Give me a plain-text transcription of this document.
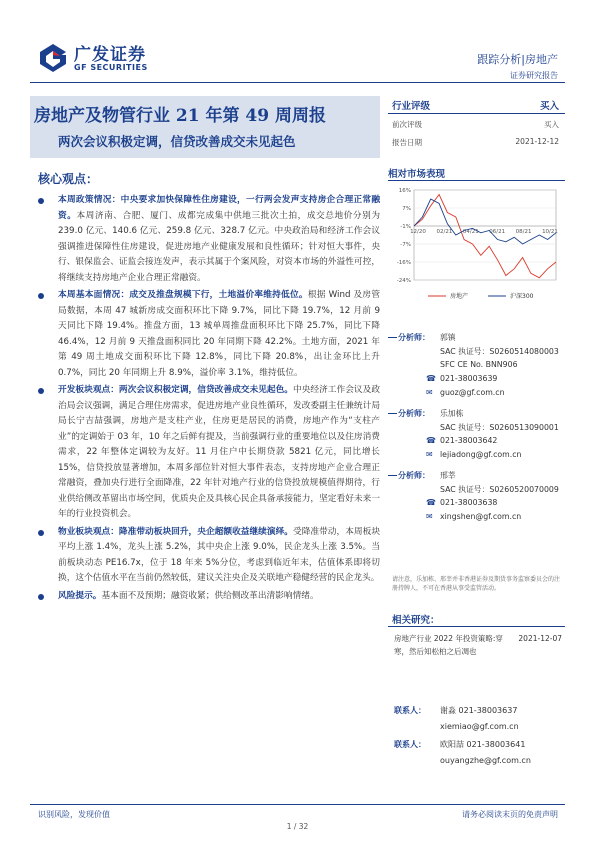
广发证券
GF SECURITIES
跟踪分析|房地产
证券研究报告
房地产及物管行业 21 年第 49 周周报
两次会议积极定调，信贷改善成交未见起色
行业评级	买入
前次评级	买入
报告日期	2021-12-12
核心观点：
本周政策情况：中央要求加快保障性住房建设，一行两会发声支持房企合理正常融资。本周济南、合肥、厦门、成都完成集中供地三批次土拍，成交总地价分别为 239.0 亿元、140.6 亿元、259.8 亿元、328.7 亿元。中央政治局和经济工作会议强调推进保障性住房建设，促进房地产业健康发展和良性循环；针对恒大事件，央行、银保监会、证监会接连发声，表示其属于个案风险，对资本市场的外溢性可控，将继续支持房地产企业合理正常融资。
本周基本面情况：成交及推盘规模下行，土地溢价率维持低位。根据 Wind 及房管局数据，本周 47 城新房成交面积环比下降 9.7%，同比下降 19.7%，12 月前 9 天同比下降 19.4%。推盘方面，13 城单周推盘面积环比下降 25.7%，同比下降 46.4%，12 月前 9 天推盘面积同比 20 年同期下降 42.2%。土地方面，2021 年第 49 周土地成交面积环比下降 12.8%，同比下降 20.8%，出让金环比上升 0.7%，同比 20 年同期上升 8.9%，溢价率 3.1%，维持低位。
开发板块观点：两次会议积极定调，信贷改善成交未见起色。中央经济工作会议及政治局会议强调，满足合理住房需求，促进房地产业良性循环，发改委副主任兼统计局局长宁吉喆强调，房地产是支柱产业，住房更是居民的消费，房地产作为“支柱产业”的定调始于 03 年，10 年之后鲜有提及，当前强调行业的重要地位以及住房消费需求，22 年整体定调较为友好。11 月住户中长期贷款 5821 亿元，同比增长 15%，信贷投放显著增加，本周多部位针对恒大事件表态，支持房地产企业合理正常融资，叠加央行进行全面降准，22 年针对地产行业的信贷投放规模值得期待，行业供给侧改革留出市场空间，优质央企及具核心民企具备承接能力，坚定看好未来一年的行业投资机会。
物业板块观点：降准带动板块回升，央企超额收益继续演绎。受降准带动，本周板块平均上涨 1.4%，龙头上涨 5.2%，其中央企上涨 9.0%，民企龙头上涨 3.5%。当前板块动态 PE16.7x，位于 18 年来 5%分位，考虑到临近年末，估值体系即将切换，这个估值水平在当前仍然较低，建议关注央企及关联地产稳健经营的民企龙头。
风险提示。基本面不及预期；融资收紧；供给侧改革出清影响情绪。
相对市场表现
16%
7%
-1%
-7%
-16%
-24%
12/20 02/21 04/21 06/21 08/21 10/21
房地产	沪深300
分析师： 郭镇
SAC 执证号：S0260514080003
SFC CE No. BNN906
☎ 021-38003639
✉ guoz@gf.com.cn
分析师： 乐加栋
SAC 执证号：S0260513090001
☎ 021-38003642
✉ lejiadong@gf.com.cn
分析师： 邢莘
SAC 执证号：S0260520070009
☎ 021-38003638
✉ xingshen@gf.com.cn
请注意，乐加栋、邢莘并非香港证券及期货事务监察委员会的注册持牌人，不可在香港从事受监管活动。
相关研究：
房地产行业 2022 年投资策略:穿寒，然后知松柏之后凋也
2021-12-07
联系人： 谢淼 021-38003637
xiemiao@gf.com.cn
联系人： 欧阳喆 021-38003641
ouyangzhe@gf.com.cn
识别风险，发现价值	请务必阅读末页的免责声明
1 / 32
